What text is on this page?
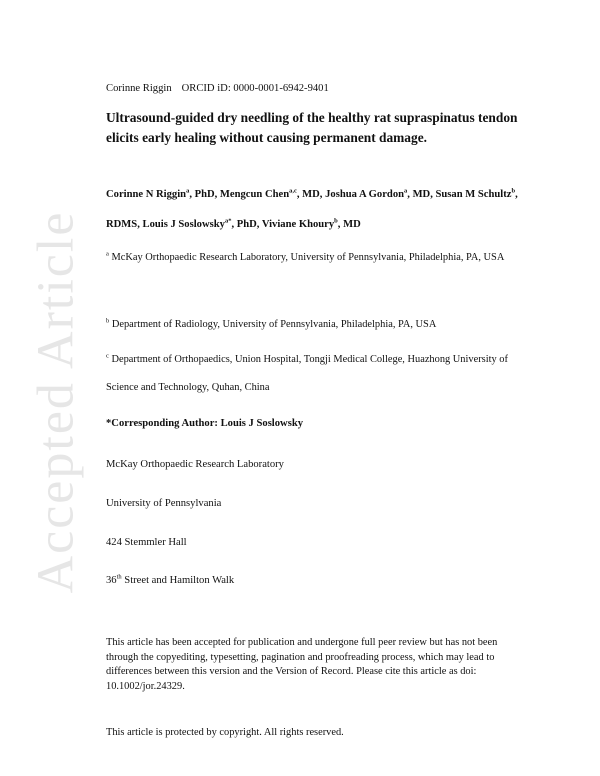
Accepted Article
Corinne Riggin ORCID iD: 0000-0001-6942-9401
Ultrasound-guided dry needling of the healthy rat supraspinatus tendon elicits early healing without causing permanent damage.
Corinne N Riggin$^a$, PhD, Mengcun Chen$^{a,c}$, MD, Joshua A Gordon$^a$, MD, Susan M Schultz$^b$, RDMS, Louis J Soslowsky$^{a*}$, PhD, Viviane Khoury$^b$, MD
$^a$ McKay Orthopaedic Research Laboratory, University of Pennsylvania, Philadelphia, PA, USA
$^b$ Department of Radiology, University of Pennsylvania, Philadelphia, PA, USA
$^c$ Department of Orthopaedics, Union Hospital, Tongji Medical College, Huazhong University of Science and Technology, Quhan, China
*Corresponding Author: Louis J Soslowsky
McKay Orthopaedic Research Laboratory
University of Pennsylvania
424 Stemmler Hall
36th Street and Hamilton Walk
This article has been accepted for publication and undergone full peer review but has not been through the copyediting, typesetting, pagination and proofreading process, which may lead to differences between this version and the Version of Record. Please cite this article as doi: 10.1002/jor.24329.
This article is protected by copyright. All rights reserved.
